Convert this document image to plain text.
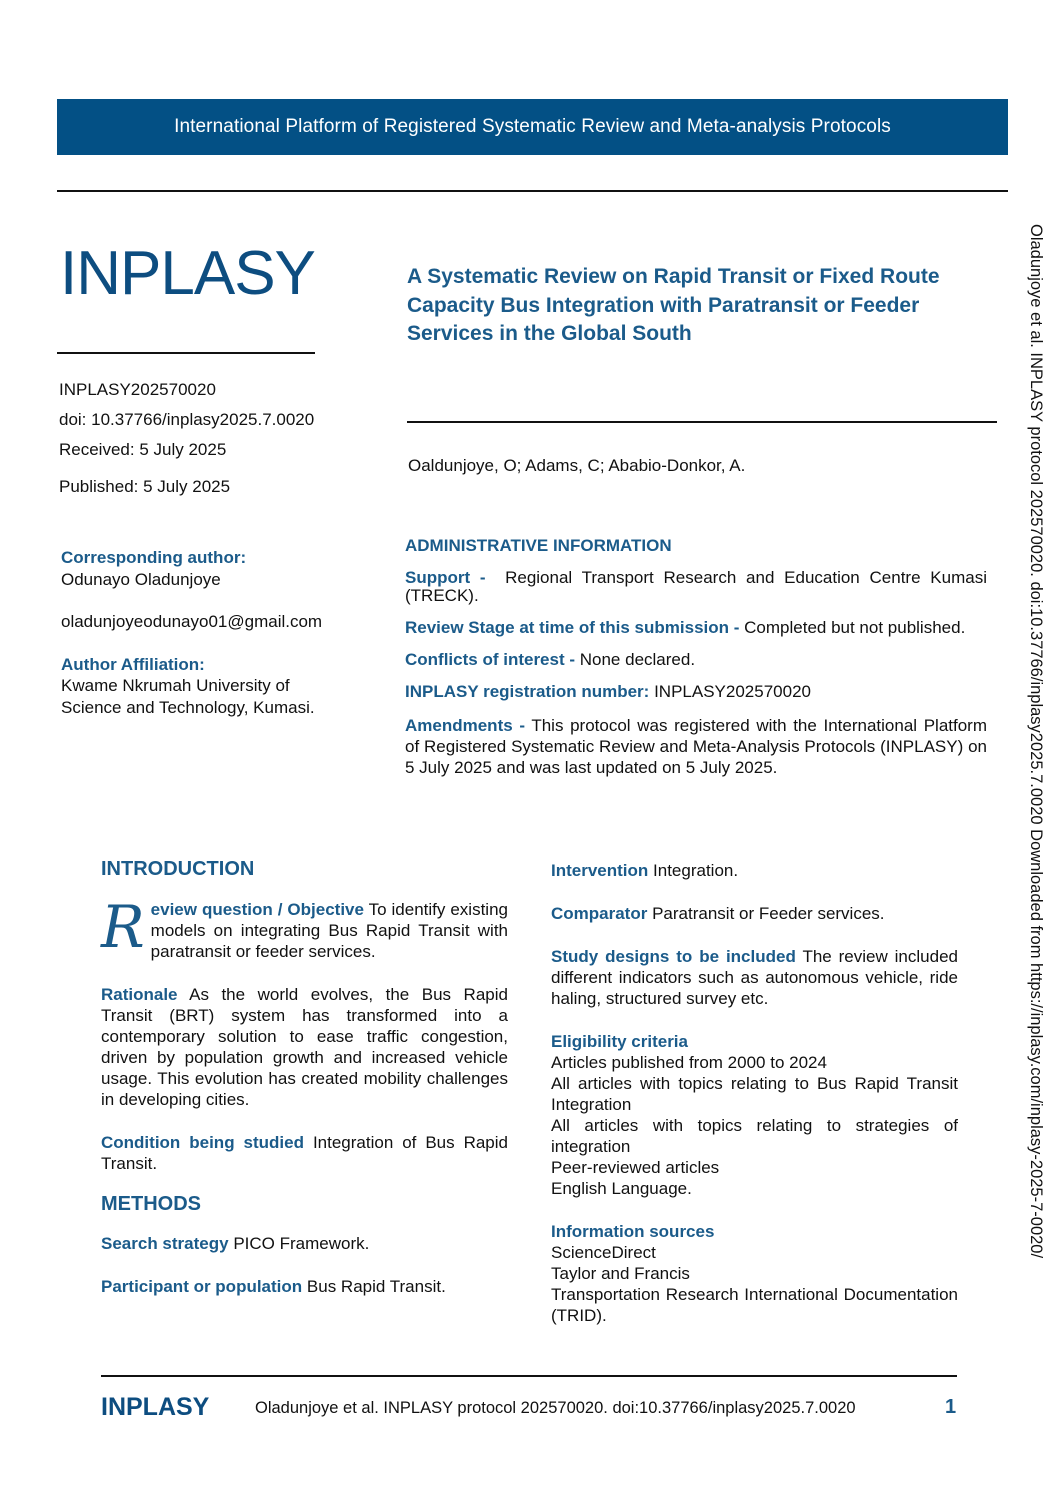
International Platform of Registered Systematic Review and Meta-analysis Protocols
INPLASY	A Systematic Review on Rapid Transit or Fixed Route Capacity Bus Integration with Paratransit or Feeder Services in the Global South
INPLASY202570020
doi: 10.37766/inplasy2025.7.0020
Received: 5 July 2025
Published: 5 July 2025
Oaldunjoye, O; Adams, C; Ababio-Donkor, A.
Corresponding author:
Odunayo Oladunjoye
oladunjoyeodunayo01@gmail.com
Author Affiliation:
Kwame Nkrumah University of Science and Technology, Kumasi.
ADMINISTRATIVE INFORMATION

Support - Regional Transport Research and Education Centre Kumasi (TRECK).

Review Stage at time of this submission - Completed but not published.

Conflicts of interest - None declared.

INPLASY registration number: INPLASY202570020

Amendments - This protocol was registered with the International Platform of Registered Systematic Review and Meta-Analysis Protocols (INPLASY) on 5 July 2025 and was last updated on 5 July 2025.

INTRODUCTION

R eview question / Objective To identify existing models on integrating Bus Rapid Transit with paratransit or feeder services.

Rationale As the world evolves, the Bus Rapid Transit (BRT) system has transformed into a contemporary solution to ease traffic congestion, driven by population growth and increased vehicle usage. This evolution has created mobility challenges in developing cities.

Condition being studied Integration of Bus Rapid Transit.

METHODS

Search strategy PICO Framework.

Participant or population Bus Rapid Transit.

Intervention Integration.

Comparator Paratransit or Feeder services.

Study designs to be included The review included different indicators such as autonomous vehicle, ride haling, structured survey etc.

Eligibility criteria

Articles published from 2000 to 2024

All articles with topics relating to Bus Rapid Transit Integration

All articles with topics relating to strategies of integration

Peer-reviewed articles

English Language.

Information sources

ScienceDirect

Taylor and Francis

Transportation Research International Documentation (TRID).

Oladunjoye et al. INPLASY protocol 202570020. doi:10.37766/inplasy2025.7.0020 Downloaded from https://inplasy.com/inplasy-2025-7-0020/
INPLASY	Oladunjoye et al. INPLASY protocol 202570020. doi:10.37766/inplasy2025.7.0020	1
